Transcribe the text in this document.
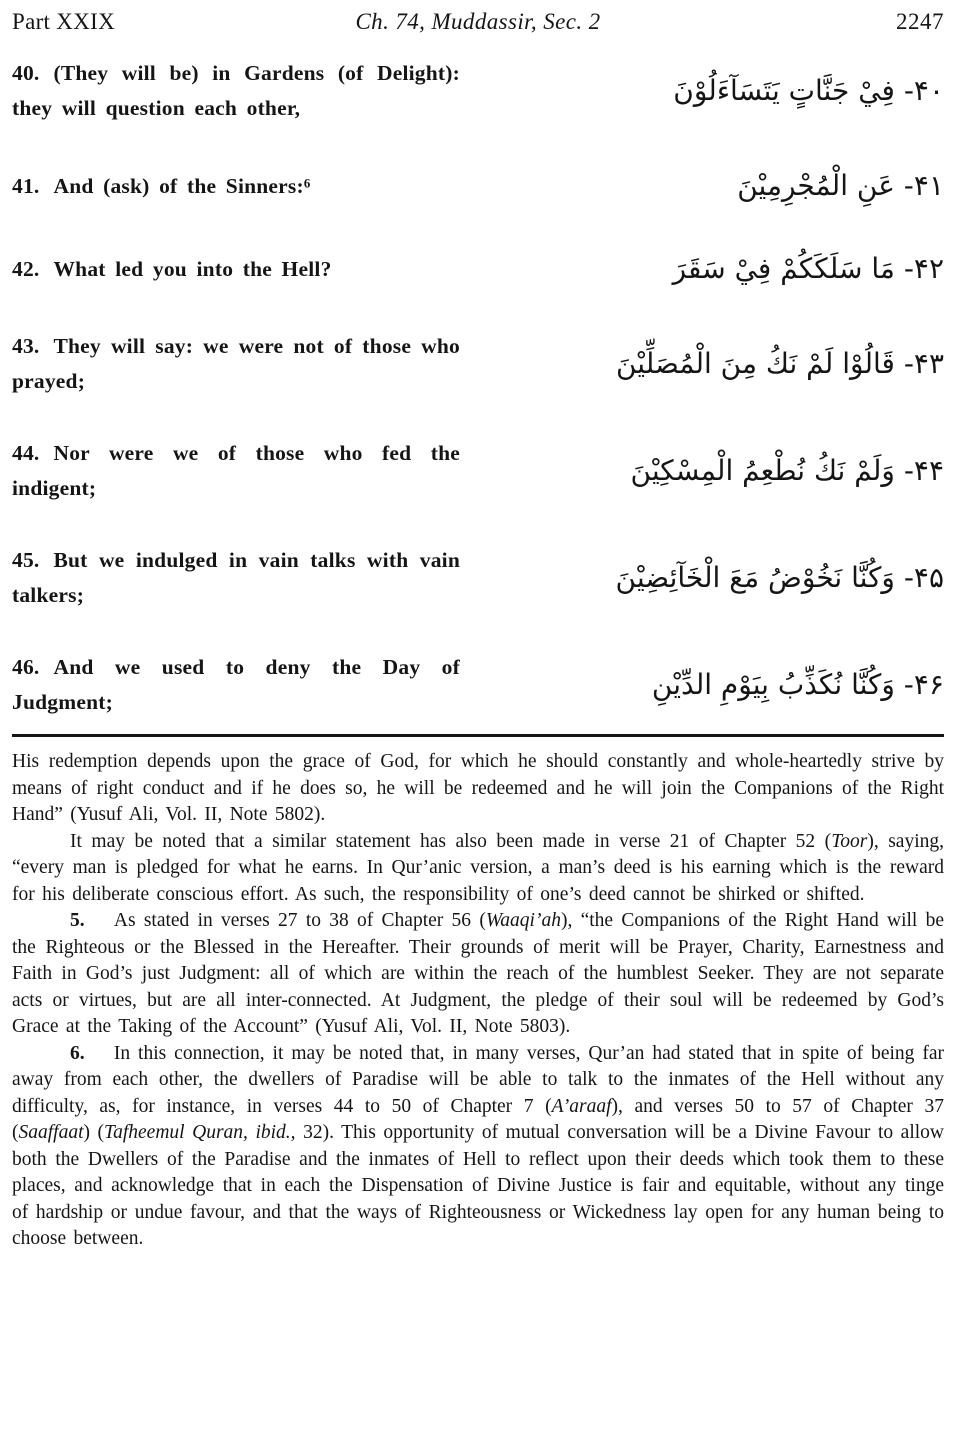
Part XXIX	Ch. 74, Muddassir, Sec. 2	2247
40. (They will be) in Gardens (of Delight): they will question each other,
۴۰- فِيْ جَنَّاتٍ يَتَسَآءَلُوْنَ
41. And (ask) of the Sinners:⁶	۴۱- عَنِ الْمُجْرِمِيْنَ
42. What led you into the Hell?	۴۲- مَا سَلَكَكُمْ فِيْ سَقَرَ
43. They will say: we were not of those who prayed;
۴۳- قَالُوْا لَمْ نَكُ مِنَ الْمُصَلِّيْنَ
44. Nor were we of those who fed the indigent;
۴۴- وَلَمْ نَكُ نُطْعِمُ الْمِسْكِيْنَ
45. But we indulged in vain talks with vain talkers;
۴۵- وَكُنَّا نَخُوْضُ مَعَ الْخَآئِضِيْنَ
46. And we used to deny the Day of Judgment;
۴۶- وَكُنَّا نُكَذِّبُ بِيَوْمِ الدِّيْنِ

His redemption depends upon the grace of God, for which he should constantly and whole-heartedly strive by means of right conduct and if he does so, he will be redeemed and he will join the Companions of the Right Hand” (Yusuf Ali, Vol. II, Note 5802).

It may be noted that a similar statement has also been made in verse 21 of Chapter 52 (Toor), saying, “every man is pledged for what he earns. In Qur’anic version, a man’s deed is his earning which is the reward for his deliberate conscious effort. As such, the responsibility of one’s deed cannot be shirked or shifted.

5.   As stated in verses 27 to 38 of Chapter 56 (Waaqi’ah), “the Companions of the Right Hand will be the Righteous or the Blessed in the Hereafter. Their grounds of merit will be Prayer, Charity, Earnestness and Faith in God’s just Judgment: all of which are within the reach of the humblest Seeker. They are not separate acts or virtues, but are all inter-connected. At Judgment, the pledge of their soul will be redeemed by God’s Grace at the Taking of the Account” (Yusuf Ali, Vol. II, Note 5803).

6.   In this connection, it may be noted that, in many verses, Qur’an had stated that in spite of being far away from each other, the dwellers of Paradise will be able to talk to the inmates of the Hell without any difficulty, as, for instance, in verses 44 to 50 of Chapter 7 (A’araaf), and verses 50 to 57 of Chapter 37 (Saaffaat) (Tafheemul Quran, ibid., 32). This opportunity of mutual conversation will be a Divine Favour to allow both the Dwellers of the Paradise and the inmates of Hell to reflect upon their deeds which took them to these places, and acknowledge that in each the Dispensation of Divine Justice is fair and equitable, without any tinge of hardship or undue favour, and that the ways of Righteousness or Wickedness lay open for any human being to choose between.
